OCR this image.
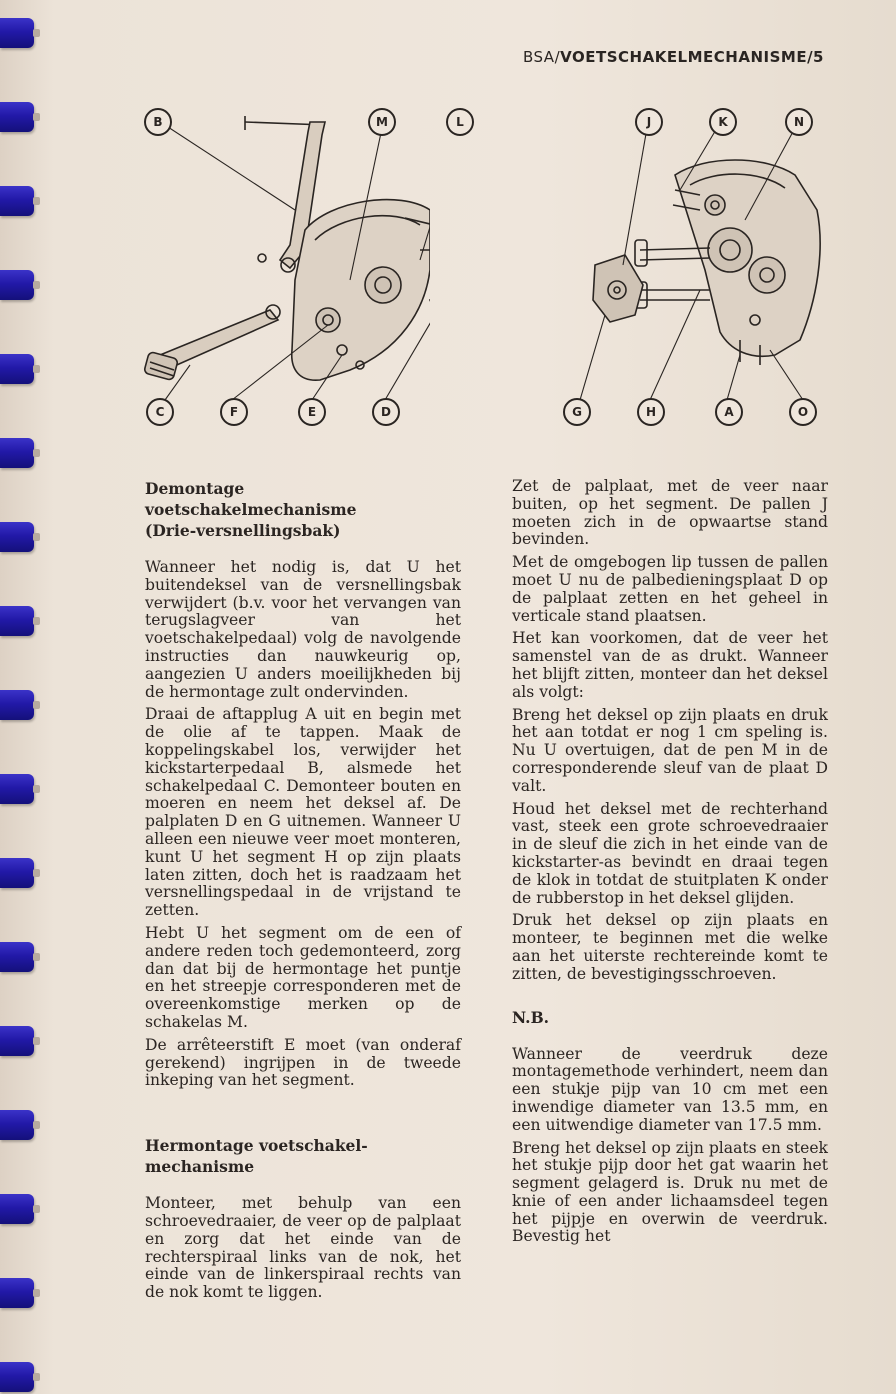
BSA/VOETSCHAKELMECHANISME/5
B	M	L
C	F	E	D
J	K	N
G	H	A	O
Demontage voetschakelmechanisme
(Drie-versnellingsbak)

Wanneer het nodig is, dat U het buitendeksel van de versnellingsbak verwijdert (b.v. voor het vervangen van terugslagveer van het voetschakelpedaal) volg de navolgende instructies dan nauwkeurig op, aangezien U anders moeilijkheden bij de hermontage zult ondervinden.

Draai de aftapplug A uit en begin met de olie af te tappen. Maak de koppelingskabel los, verwijder het kickstarterpedaal B, alsmede het schakelpedaal C. Demonteer bouten en moeren en neem het deksel af. De palplaten D en G uitnemen. Wanneer U alleen een nieuwe veer moet monteren, kunt U het segment H op zijn plaats laten zitten, doch het is raadzaam het versnellingspedaal in de vrijstand te zetten.

Hebt U het segment om de een of andere reden toch gedemonteerd, zorg dan dat bij de hermontage het puntje en het streepje corresponderen met de overeenkomstige merken op de schakelas M.

De arrêteerstift E moet (van onderaf gerekend) ingrijpen in de tweede inkeping van het segment.

Hermontage voetschakel-
mechanisme

Monteer, met behulp van een schroevedraaier, de veer op de palplaat en zorg dat het einde van de rechterspiraal links van de nok, het einde van de linkerspiraal rechts van de nok komt te liggen.

Zet de palplaat, met de veer naar buiten, op het segment. De pallen J moeten zich in de opwaartse stand bevinden.

Met de omgebogen lip tussen de pallen moet U nu de palbedieningsplaat D op de palplaat zetten en het geheel in verticale stand plaatsen.

Het kan voorkomen, dat de veer het samenstel van de as drukt. Wanneer het blijft zitten, monteer dan het deksel als volgt:

Breng het deksel op zijn plaats en druk het aan totdat er nog 1 cm speling is. Nu U overtuigen, dat de pen M in de corresponderende sleuf van de plaat D valt.

Houd het deksel met de rechterhand vast, steek een grote schroevedraaier in de sleuf die zich in het einde van de kickstarter-as bevindt en draai tegen de klok in totdat de stuitplaten K onder de rubberstop in het deksel glijden.

Druk het deksel op zijn plaats en monteer, te beginnen met die welke aan het uiterste rechtereinde komt te zitten, de bevestigingsschroeven.

N.B.

Wanneer de veerdruk deze montagemethode verhindert, neem dan een stukje pijp van 10 cm met een inwendige diameter van 13.5 mm, en een uitwendige diameter van 17.5 mm.

Breng het deksel op zijn plaats en steek het stukje pijp door het gat waarin het segment gelagerd is. Druk nu met de knie of een ander lichaamsdeel tegen het pijpje en overwin de veerdruk. Bevestig het
